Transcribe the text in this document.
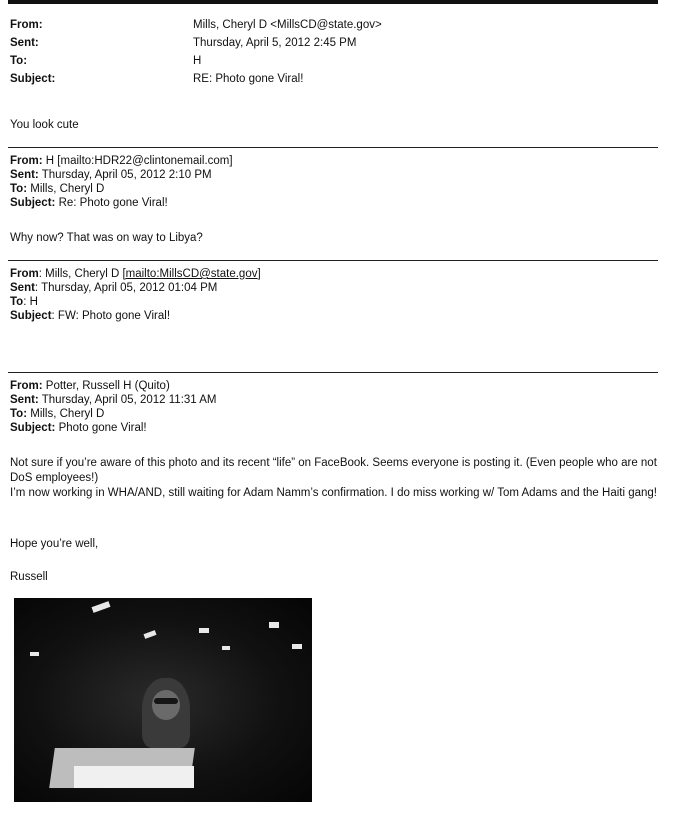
From:	Mills, Cheryl D <MillsCD@state.gov>
Sent:	Thursday, April 5, 2012 2:45 PM
To:	H
Subject:	RE: Photo gone Viral!
You look cute
From: H [mailto:HDR22@clintonemail.com]
Sent: Thursday, April 05, 2012 2:10 PM
To: Mills, Cheryl D
Subject: Re: Photo gone Viral!
Why now? That was on way to Libya?
From: Mills, Cheryl D [mailto:MillsCD@state.gov]
Sent: Thursday, April 05, 2012 01:04 PM
To: H
Subject: FW: Photo gone Viral!
From: Potter, Russell H (Quito)
Sent: Thursday, April 05, 2012 11:31 AM
To: Mills, Cheryl D
Subject: Photo gone Viral!

Not sure if you’re aware of this photo and its recent “life” on FaceBook. Seems everyone is posting it. (Even people who are not DoS employees!)

I’m now working in WHA/AND, still waiting for Adam Namm’s confirmation. I do miss working w/ Tom Adams and the Haiti gang!

Hope you’re well,
Russell
